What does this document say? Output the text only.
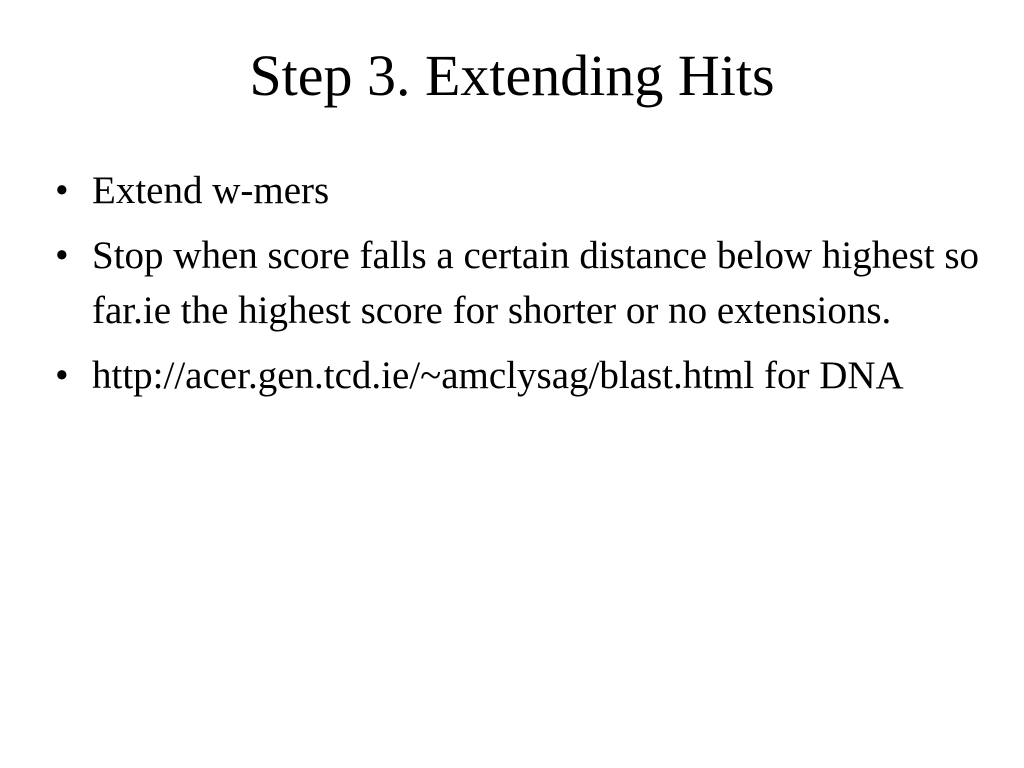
Step 3. Extending Hits
• Extend w-mers
• Stop when score falls a certain distance below highest so far.ie the highest score for shorter or no extensions.
• http://acer.gen.tcd.ie/~amclysag/blast.html for DNA
